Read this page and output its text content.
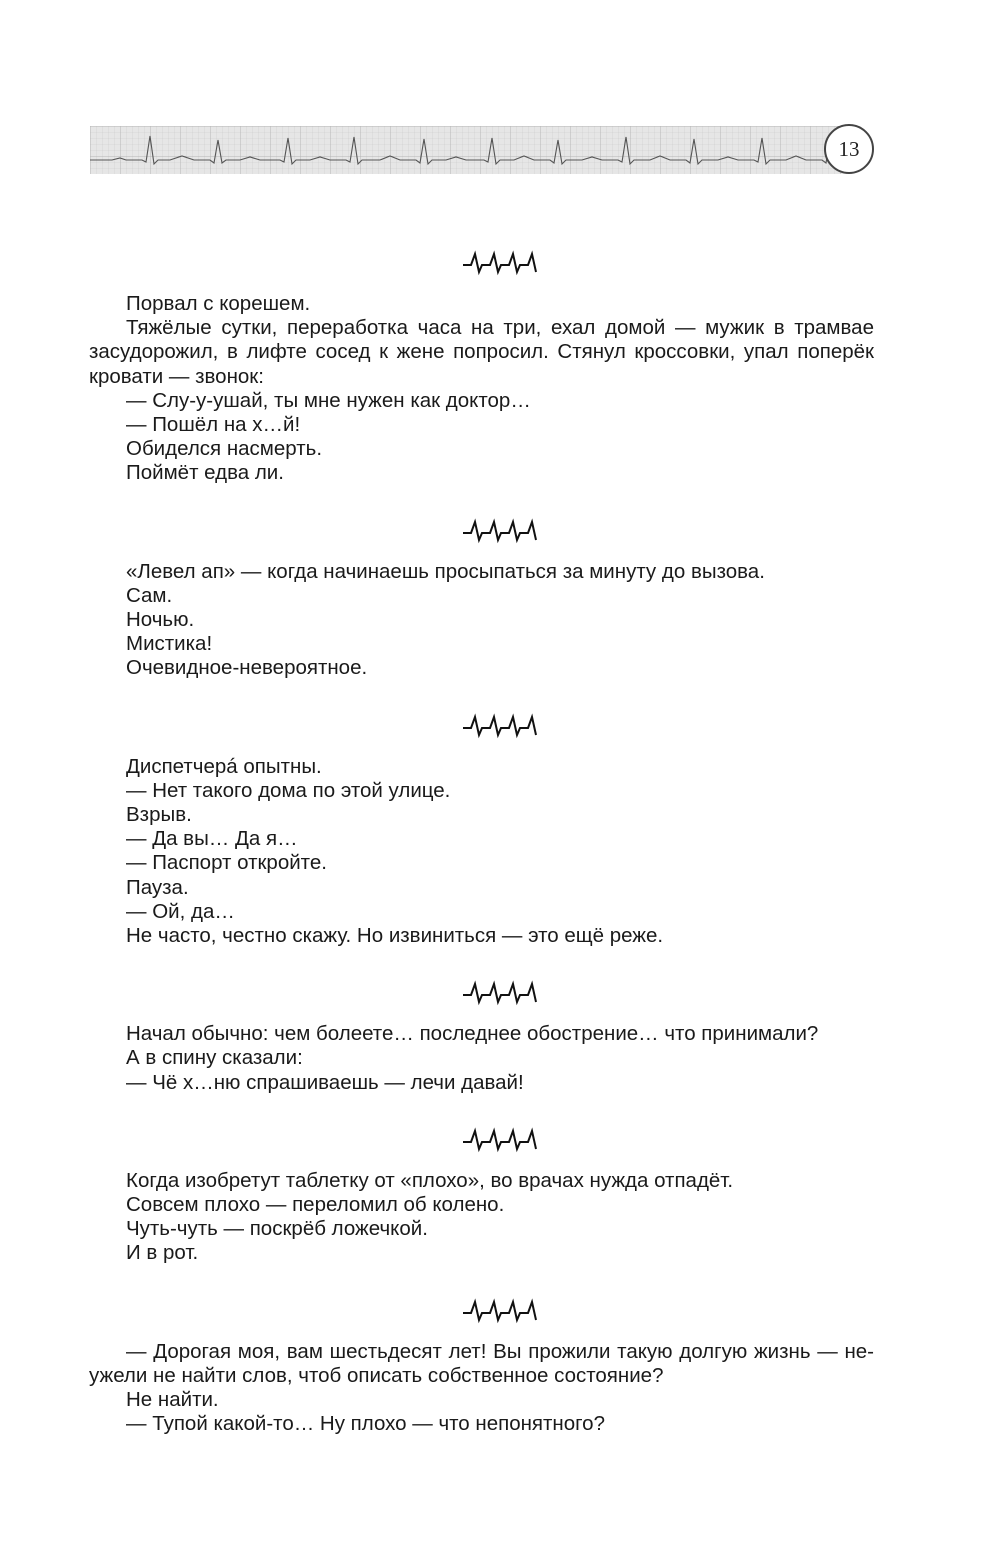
13
Порвал с корешем.
Тяжёлые сутки, переработка часа на три, ехал домой — мужик в трамвае
засудорожил, в лифте сосед к жене попросил. Стянул кроссовки, упал поперёк
кровати — звонок:
— Слу-у-ушай, ты мне нужен как доктор…
— Пошёл на х…й!
Обиделся насмерть.
Поймёт едва ли.
«Левел ап» — когда начинаешь просыпаться за минуту до вызова.
Сам.
Ночью.
Мистика!
Очевидное-невероятное.
Диспетчерá опытны.
— Нет такого дома по этой улице.
Взрыв.
— Да вы… Да я…
— Паспорт откройте.
Пауза.
— Ой, да…
Не часто, честно скажу. Но извиниться — это ещё реже.
Начал обычно: чем болеете… последнее обострение… что принимали?
А в спину сказали:
— Чё х…ню спрашиваешь — лечи давай!
Когда изобретут таблетку от «плохо», во врачах нужда отпадёт.
Совсем плохо — переломил об колено.
Чуть-чуть — поскрёб ложечкой.
И в рот.
— Дорогая моя, вам шестьдесят лет! Вы прожили такую долгую жизнь — не-
ужели не найти слов, чтоб описать собственное состояние?
Не найти.
— Тупой какой-то… Ну плохо — что непонятного?
